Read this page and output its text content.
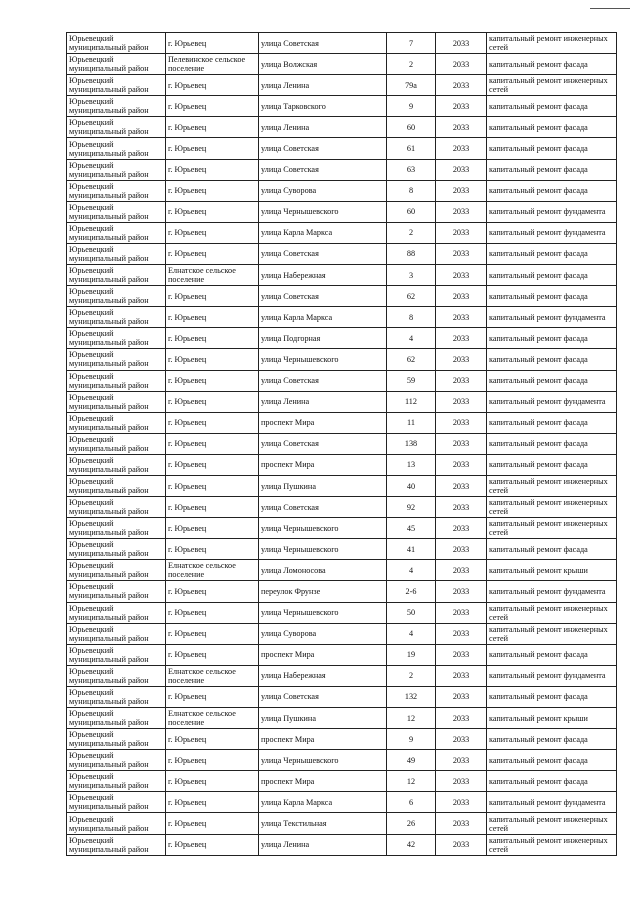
Юрьевецкий муниципальный район	г. Юрьевец	улица Советская	7	2033	капитальный ремонт инженерных сетей
Юрьевецкий муниципальный район	Пелевинское сельское поселение	улица Волжская	2	2033	капитальный ремонт фасада
Юрьевецкий муниципальный район	г. Юрьевец	улица Ленина	79а	2033	капитальный ремонт инженерных сетей
Юрьевецкий муниципальный район	г. Юрьевец	улица Тарковского	9	2033	капитальный ремонт фасада
Юрьевецкий муниципальный район	г. Юрьевец	улица Ленина	60	2033	капитальный ремонт фасада
Юрьевецкий муниципальный район	г. Юрьевец	улица Советская	61	2033	капитальный ремонт фасада
Юрьевецкий муниципальный район	г. Юрьевец	улица Советская	63	2033	капитальный ремонт фасада
Юрьевецкий муниципальный район	г. Юрьевец	улица Суворова	8	2033	капитальный ремонт фасада
Юрьевецкий муниципальный район	г. Юрьевец	улица Чернышевского	60	2033	капитальный ремонт фундамента
Юрьевецкий муниципальный район	г. Юрьевец	улица Карла Маркса	2	2033	капитальный ремонт фундамента
Юрьевецкий муниципальный район	г. Юрьевец	улица Советская	88	2033	капитальный ремонт фасада
Юрьевецкий муниципальный район	Елнатское сельское поселение	улица Набережная	3	2033	капитальный ремонт фасада
Юрьевецкий муниципальный район	г. Юрьевец	улица Советская	62	2033	капитальный ремонт фасада
Юрьевецкий муниципальный район	г. Юрьевец	улица Карла Маркса	8	2033	капитальный ремонт фундамента
Юрьевецкий муниципальный район	г. Юрьевец	улица Подгорная	4	2033	капитальный ремонт фасада
Юрьевецкий муниципальный район	г. Юрьевец	улица Чернышевского	62	2033	капитальный ремонт фасада
Юрьевецкий муниципальный район	г. Юрьевец	улица Советская	59	2033	капитальный ремонт фасада
Юрьевецкий муниципальный район	г. Юрьевец	улица Ленина	112	2033	капитальный ремонт фундамента
Юрьевецкий муниципальный район	г. Юрьевец	проспект Мира	11	2033	капитальный ремонт фасада
Юрьевецкий муниципальный район	г. Юрьевец	улица Советская	138	2033	капитальный ремонт фасада
Юрьевецкий муниципальный район	г. Юрьевец	проспект Мира	13	2033	капитальный ремонт фасада
Юрьевецкий муниципальный район	г. Юрьевец	улица Пушкина	40	2033	капитальный ремонт инженерных сетей
Юрьевецкий муниципальный район	г. Юрьевец	улица Советская	92	2033	капитальный ремонт инженерных сетей
Юрьевецкий муниципальный район	г. Юрьевец	улица Чернышевского	45	2033	капитальный ремонт инженерных сетей
Юрьевецкий муниципальный район	г. Юрьевец	улица Чернышевского	41	2033	капитальный ремонт фасада
Юрьевецкий муниципальный район	Елнатское сельское поселение	улица Ломоносова	4	2033	капитальный ремонт крыши
Юрьевецкий муниципальный район	г. Юрьевец	переулок Фрунзе	2-6	2033	капитальный ремонт фундамента
Юрьевецкий муниципальный район	г. Юрьевец	улица Чернышевского	50	2033	капитальный ремонт инженерных сетей
Юрьевецкий муниципальный район	г. Юрьевец	улица Суворова	4	2033	капитальный ремонт инженерных сетей
Юрьевецкий муниципальный район	г. Юрьевец	проспект Мира	19	2033	капитальный ремонт фасада
Юрьевецкий муниципальный район	Елнатское сельское поселение	улица Набережная	2	2033	капитальный ремонт фундамента
Юрьевецкий муниципальный район	г. Юрьевец	улица Советская	132	2033	капитальный ремонт фасада
Юрьевецкий муниципальный район	Елнатское сельское поселение	улица Пушкина	12	2033	капитальный ремонт крыши
Юрьевецкий муниципальный район	г. Юрьевец	проспект Мира	9	2033	капитальный ремонт фасада
Юрьевецкий муниципальный район	г. Юрьевец	улица Чернышевского	49	2033	капитальный ремонт фасада
Юрьевецкий муниципальный район	г. Юрьевец	проспект Мира	12	2033	капитальный ремонт фасада
Юрьевецкий муниципальный район	г. Юрьевец	улица Карла Маркса	6	2033	капитальный ремонт фундамента
Юрьевецкий муниципальный район	г. Юрьевец	улица Текстильная	26	2033	капитальный ремонт инженерных сетей
Юрьевецкий муниципальный район	г. Юрьевец	улица Ленина	42	2033	капитальный ремонт инженерных сетей
